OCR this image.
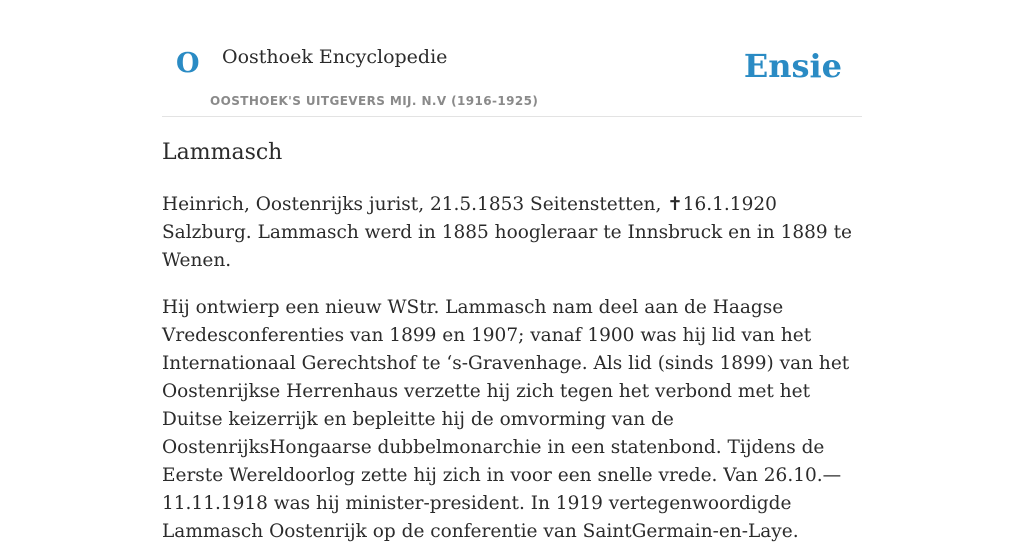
O Oosthoek Encyclopedie
OOSTHOEK'S UITGEVERS MIJ. N.V (1916-1925)
Ensie
Lammasch

Heinrich, Oostenrijks jurist, 21.5.1853 Seitenstetten, ✝16.1.1920 Salzburg. Lammasch werd in 1885 hoogleraar te Innsbruck en in 1889 te Wenen.

Hij ontwierp een nieuw WStr. Lammasch nam deel aan de Haagse Vredesconferenties van 1899 en 1907; vanaf 1900 was hij lid van het Internationaal Gerechtshof te ‘s-Gravenhage. Als lid (sinds 1899) van het Oostenrijkse Herrenhaus verzette hij zich tegen het verbond met het Duitse keizerrijk en bepleitte hij de omvorming van de OostenrijksHongaarse dubbelmonarchie in een statenbond. Tijdens de Eerste Wereldoorlog zette hij zich in voor een snelle vrede. Van 26.10.—11.11.1918 was hij minister-president. In 1919 vertegenwoordigde Lammasch Oostenrijk op de conferentie van SaintGermain-en-Laye.
